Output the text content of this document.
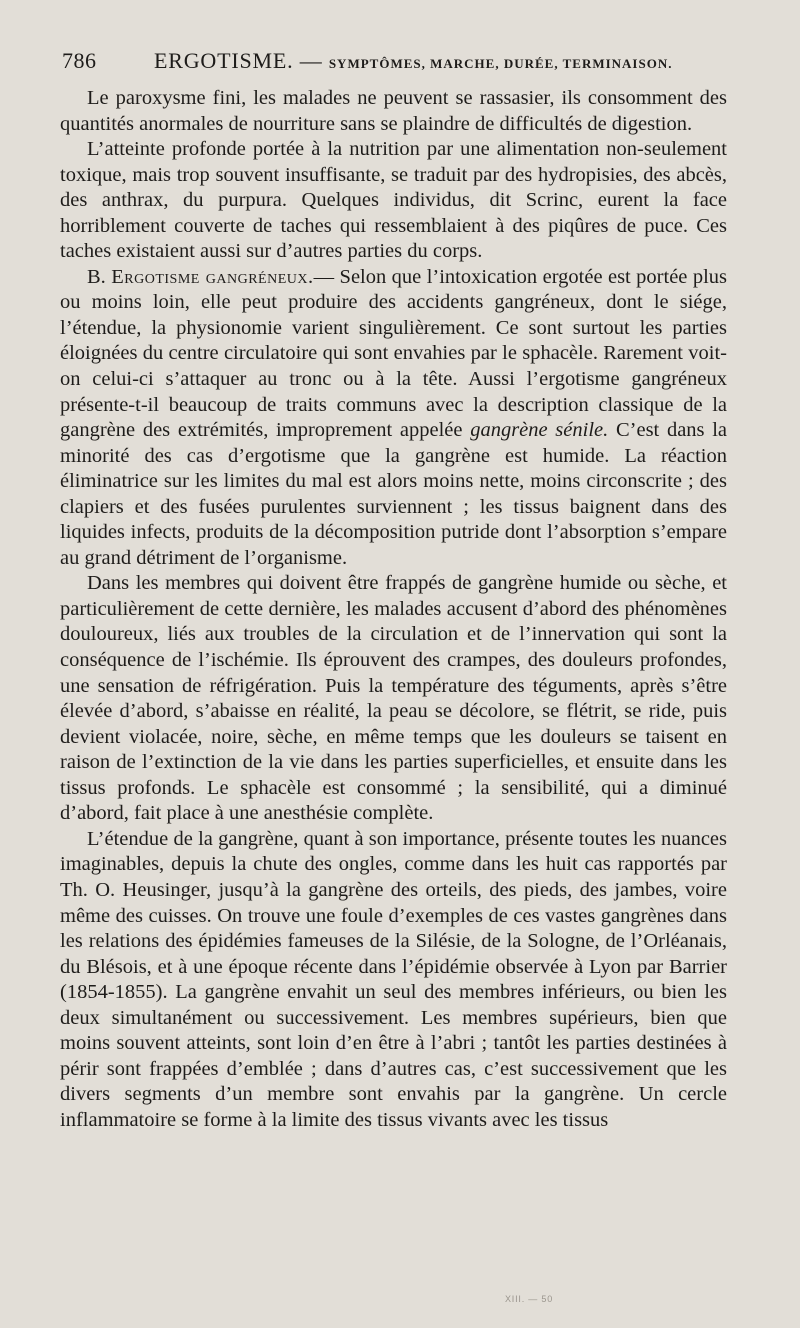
786	ERGOTISME. — SYMPTÔMES, MARCHE, DURÉE, TERMINAISON.

Le paroxysme fini, les malades ne peuvent se rassasier, ils consomment des quantités anormales de nourriture sans se plaindre de difficultés de digestion.

L’atteinte profonde portée à la nutrition par une alimentation non-seulement toxique, mais trop souvent insuffisante, se traduit par des hydropisies, des abcès, des anthrax, du purpura. Quelques individus, dit Scrinc, eurent la face horriblement couverte de taches qui ressemblaient à des piqûres de puce. Ces taches existaient aussi sur d’autres parties du corps.

B. Ergotisme gangréneux.— Selon que l’intoxication ergotée est portée plus ou moins loin, elle peut produire des accidents gangréneux, dont le siége, l’étendue, la physionomie varient singulièrement. Ce sont surtout les parties éloignées du centre circulatoire qui sont envahies par le sphacèle. Rarement voit-on celui-ci s’attaquer au tronc ou à la tête. Aussi l’ergotisme gangréneux présente-t-il beaucoup de traits communs avec la description classique de la gangrène des extrémités, improprement appelée gangrène sénile. C’est dans la minorité des cas d’ergotisme que la gangrène est humide. La réaction éliminatrice sur les limites du mal est alors moins nette, moins circonscrite ; des clapiers et des fusées purulentes surviennent ; les tissus baignent dans des liquides infects, produits de la décomposition putride dont l’absorption s’empare au grand détriment de l’organisme.

Dans les membres qui doivent être frappés de gangrène humide ou sèche, et particulièrement de cette dernière, les malades accusent d’abord des phénomènes douloureux, liés aux troubles de la circulation et de l’innervation qui sont la conséquence de l’ischémie. Ils éprouvent des crampes, des douleurs profondes, une sensation de réfrigération. Puis la température des téguments, après s’être élevée d’abord, s’abaisse en réalité, la peau se décolore, se flétrit, se ride, puis devient violacée, noire, sèche, en même temps que les douleurs se taisent en raison de l’extinction de la vie dans les parties superficielles, et ensuite dans les tissus profonds. Le sphacèle est consommé ; la sensibilité, qui a diminué d’abord, fait place à une anesthésie complète.

L’étendue de la gangrène, quant à son importance, présente toutes les nuances imaginables, depuis la chute des ongles, comme dans les huit cas rapportés par Th. O. Heusinger, jusqu’à la gangrène des orteils, des pieds, des jambes, voire même des cuisses. On trouve une foule d’exemples de ces vastes gangrènes dans les relations des épidémies fameuses de la Silésie, de la Sologne, de l’Orléanais, du Blésois, et à une époque récente dans l’épidémie observée à Lyon par Barrier (1854-1855). La gangrène envahit un seul des membres inférieurs, ou bien les deux simultanément ou successivement. Les membres supérieurs, bien que moins souvent atteints, sont loin d’en être à l’abri ; tantôt les parties destinées à périr sont frappées d’emblée ; dans d’autres cas, c’est successivement que les divers segments d’un membre sont envahis par la gangrène. Un cercle inflammatoire se forme à la limite des tissus vivants avec les tissus

XIII. — 50
